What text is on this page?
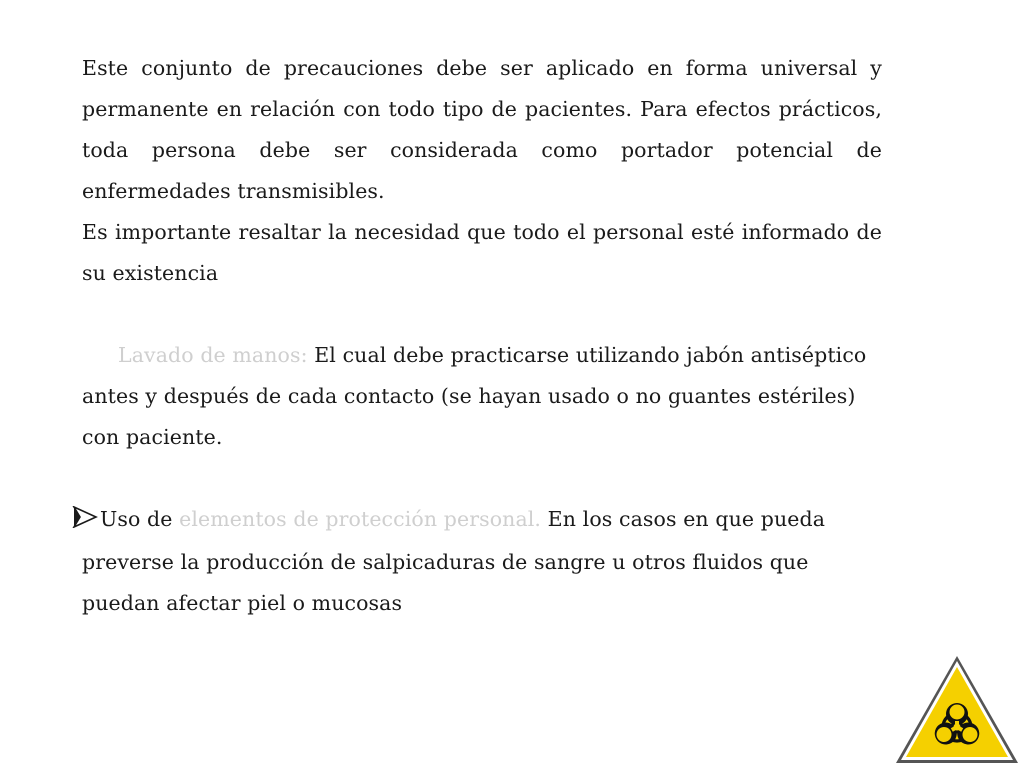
Este conjunto de precauciones debe ser aplicado en forma universal y permanente en relación con todo tipo de pacientes. Para efectos prácticos, toda persona debe ser considerada como portador potencial de enfermedades transmisibles.

Es importante resaltar la necesidad que todo el personal esté informado de su existencia

Lavado de manos: El cual debe practicarse utilizando jabón antiséptico antes y después de cada contacto (se hayan usado o no guantes estériles) con paciente.

Uso de elementos de protección personal. En los casos en que pueda preverse la producción de salpicaduras de sangre u otros fluidos que puedan afectar piel o mucosas
